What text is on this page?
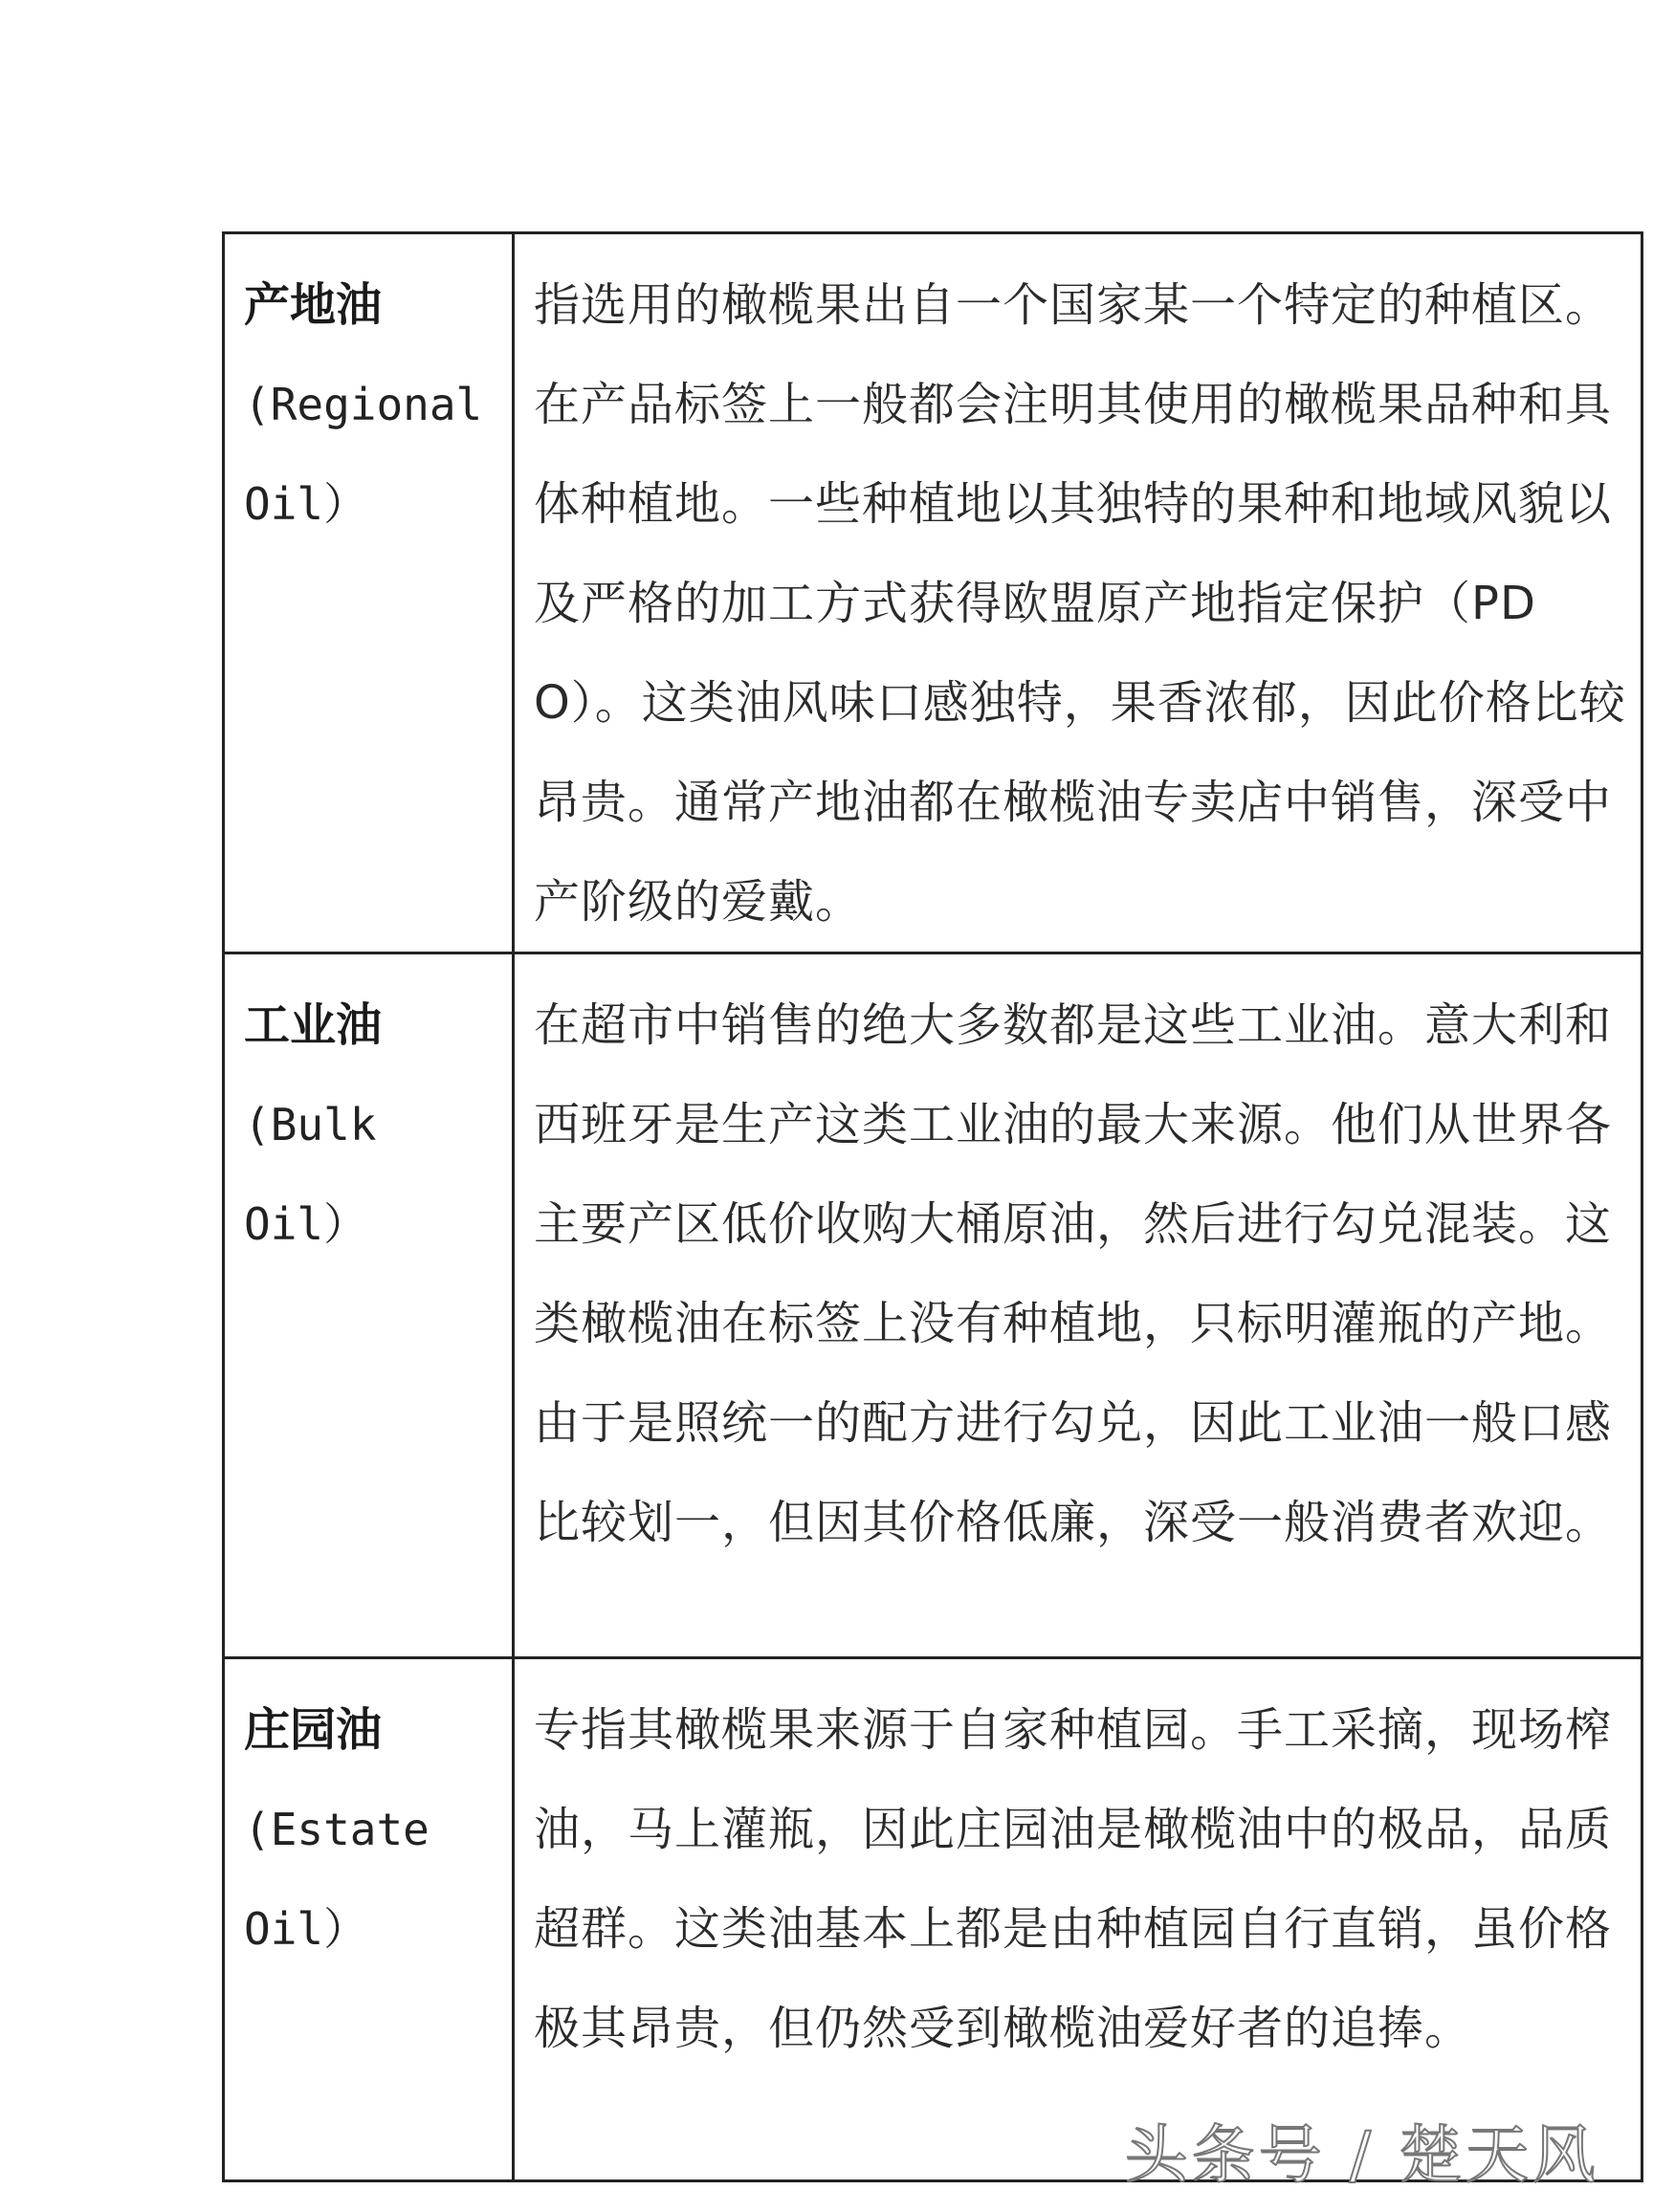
产地油
(Regional
Oil）	指选用的橄榄果出自一个国家某一个特定的种植区。在产品标签上一般都会注明其使用的橄榄果品种和具体种植地。一些种植地以其独特的果种和地域风貌以及严格的加工方式获得欧盟原产地指定保护（PDO）。这类油风味口感独特，果香浓郁，因此价格比较昂贵。通常产地油都在橄榄油专卖店中销售，深受中产阶级的爱戴。

工业油
(Bulk
Oil）	在超市中销售的绝大多数都是这些工业油。意大利和西班牙是生产这类工业油的最大来源。他们从世界各主要产区低价收购大桶原油，然后进行勾兑混装。这类橄榄油在标签上没有种植地，只标明灌瓶的产地。由于是照统一的配方进行勾兑，因此工业油一般口感比较划一，但因其价格低廉，深受一般消费者欢迎。

庄园油
(Estate
Oil）	专指其橄榄果来源于自家种植园。手工采摘，现场榨油，马上灌瓶，因此庄园油是橄榄油中的极品，品质超群。这类油基本上都是由种植园自行直销，虽价格极其昂贵，但仍然受到橄榄油爱好者的追捧。
头条号 / 楚天风
